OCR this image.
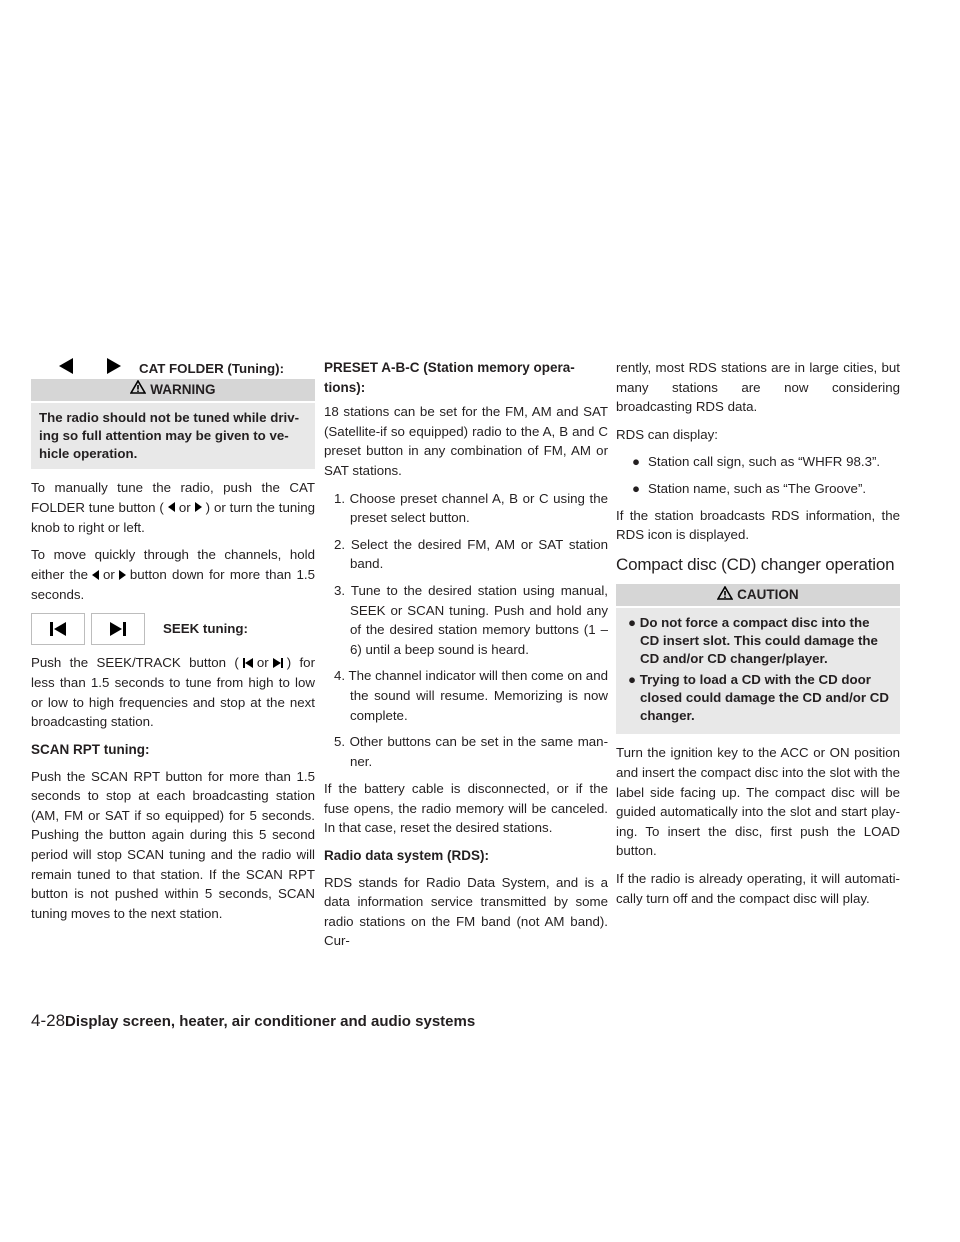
CAT FOLDER (Tuning):
WARNING
The radio should not be tuned while driv-ing so full attention may be given to ve-hicle operation.

To manually tune the radio, push the CAT FOLDER tune button ( or ) or turn the tuning knob to right or left.

To move quickly through the channels, hold either the or button down for more than 1.5 seconds.

SEEK tuning:

Push the SEEK/TRACK button ( or ) for less than 1.5 seconds to tune from high to low or low to high frequencies and stop at the next broadcasting station.

SCAN RPT tuning:

Push the SCAN RPT button for more than 1.5 seconds to stop at each broadcasting station (AM, FM or SAT if so equipped) for 5 seconds. Pushing the button again during this 5 second period will stop SCAN tuning and the radio will remain tuned to that station. If the SCAN RPT button is not pushed within 5 seconds, SCAN tuning moves to the next station.

PRESET A-B-C (Station memory opera-tions):

18 stations can be set for the FM, AM and SAT (Satellite-if so equipped) radio to the A, B and C preset button in any combination of FM, AM or SAT stations.

1. Choose preset channel A, B or C using the preset select button.
2. Select the desired FM, AM or SAT station band.
3. Tune to the desired station using manual, SEEK or SCAN tuning. Push and hold any of the desired station memory buttons (1 – 6) until a beep sound is heard.
4. The channel indicator will then come on and the sound will resume. Memorizing is now complete.
5. Other buttons can be set in the same man-ner.

If the battery cable is disconnected, or if the fuse opens, the radio memory will be canceled. In that case, reset the desired stations.

Radio data system (RDS):

RDS stands for Radio Data System, and is a data information service transmitted by some radio stations on the FM band (not AM band). Cur-

rently, most RDS stations are in large cities, but many stations are now considering broadcasting RDS data.

RDS can display:

● Station call sign, such as “WHFR 98.3”.
● Station name, such as “The Groove”.

If the station broadcasts RDS information, the RDS icon is displayed.

Compact disc (CD) changer operation
CAUTION
● Do not force a compact disc into the CD insert slot. This could damage the CD and/or CD changer/player.
● Trying to load a CD with the CD door closed could damage the CD and/or CD changer.

Turn the ignition key to the ACC or ON position and insert the compact disc into the slot with the label side facing up. The compact disc will be guided automatically into the slot and start play-ing. To insert the disc, first push the LOAD button.

If the radio is already operating, it will automati-cally turn off and the compact disc will play.

4-28Display screen, heater, air conditioner and audio systems
